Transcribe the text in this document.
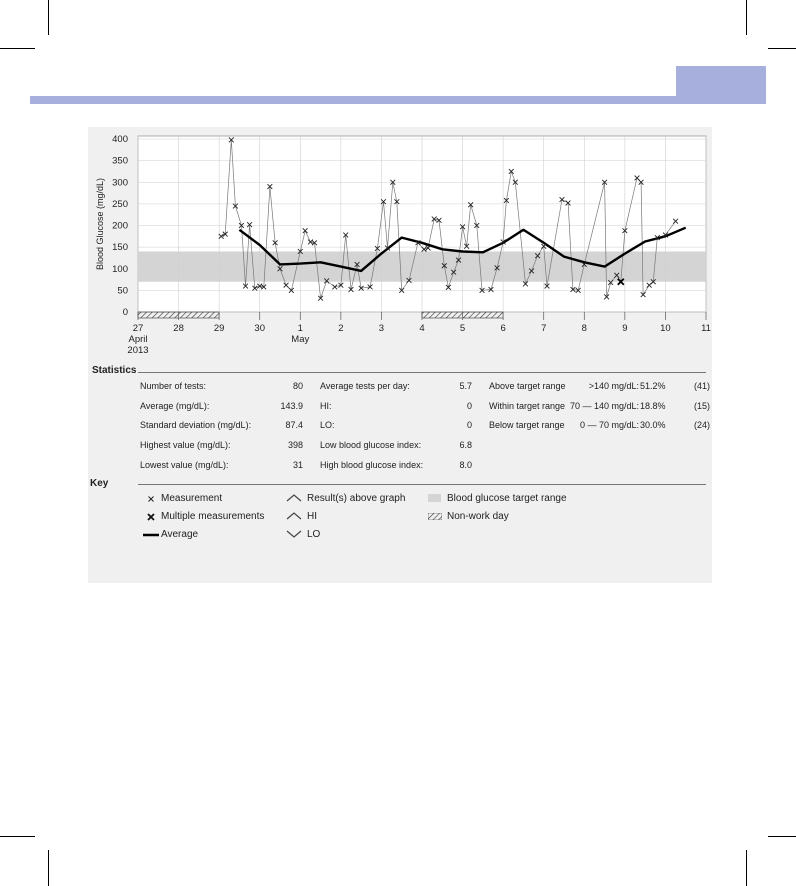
0
50
100
150
200
250
300
350
400
27	28	29	30	1	2	3	4	5	6	7	8	9	10	11
April
2013
May
Blood Glucose (mg/dL)
Statistics
Number of tests:	80
Average (mg/dL):	143.9
Standard deviation (mg/dL):	87.4
Highest value (mg/dL):	398
Lowest value (mg/dL):	31
Average tests per day:	5.7
HI:	0
LO:	0
Low blood glucose index:	6.8
High blood glucose index:	8.0
Above target range	>140 mg/dL: 51.2%	(41)
Within target range 70 — 140 mg/dL: 18.8%	(15)
Below target range	0 — 70 mg/dL: 30.0%	(24)
Key
Measurement
Multiple measurements
Average
Result(s) above graph
HI
LO
Blood glucose target range
Non-work day
